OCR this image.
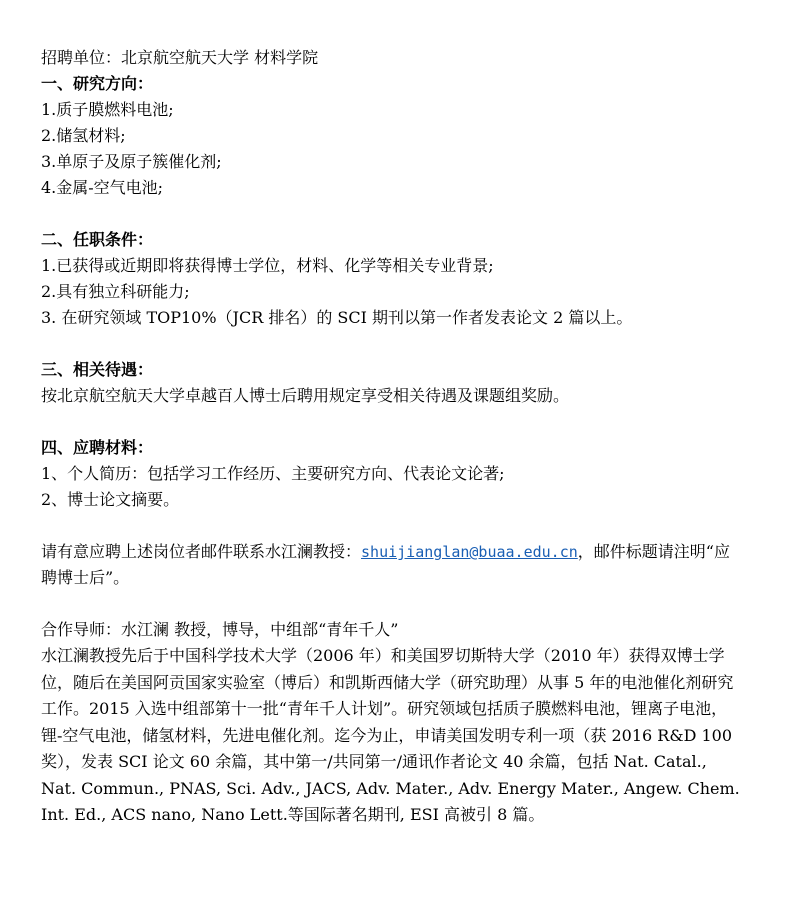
招聘单位：北京航空航天大学 材料学院
一、研究方向：
1.质子膜燃料电池;
2.储氢材料;
3.单原子及原子簇催化剂;
4.金属-空气电池;
二、任职条件：
1.已获得或近期即将获得博士学位，材料、化学等相关专业背景;
2.具有独立科研能力;
3. 在研究领域 TOP10%（JCR 排名）的 SCI 期刊以第一作者发表论文 2 篇以上。
三、相关待遇：
按北京航空航天大学卓越百人博士后聘用规定享受相关待遇及课题组奖励。
四、应聘材料：
1、个人简历：包括学习工作经历、主要研究方向、代表论文论著;
2、博士论文摘要。
请有意应聘上述岗位者邮件联系水江澜教授：shuijianglan@buaa.edu.cn，邮件标题请注明“应聘博士后”。
合作导师：水江澜 教授，博导，中组部“青年千人”
水江澜教授先后于中国科学技术大学（2006 年）和美国罗切斯特大学（2010 年）获得双博士学位，随后在美国阿贡国家实验室（博后）和凯斯西储大学（研究助理）从事 5 年的电池催化剂研究工作。2015 入选中组部第十一批“青年千人计划”。研究领域包括质子膜燃料电池，锂离子电池，锂-空气电池，储氢材料，先进电催化剂。迄今为止，申请美国发明专利一项（获 2016 R&D 100 奖），发表 SCI 论文 60 余篇，其中第一/共同第一/通讯作者论文 40 余篇，包括 Nat. Catal., Nat. Commun., PNAS, Sci. Adv., JACS, Adv. Mater., Adv. Energy Mater., Angew. Chem. Int. Ed., ACS nano, Nano Lett.等国际著名期刊, ESI 高被引 8 篇。
